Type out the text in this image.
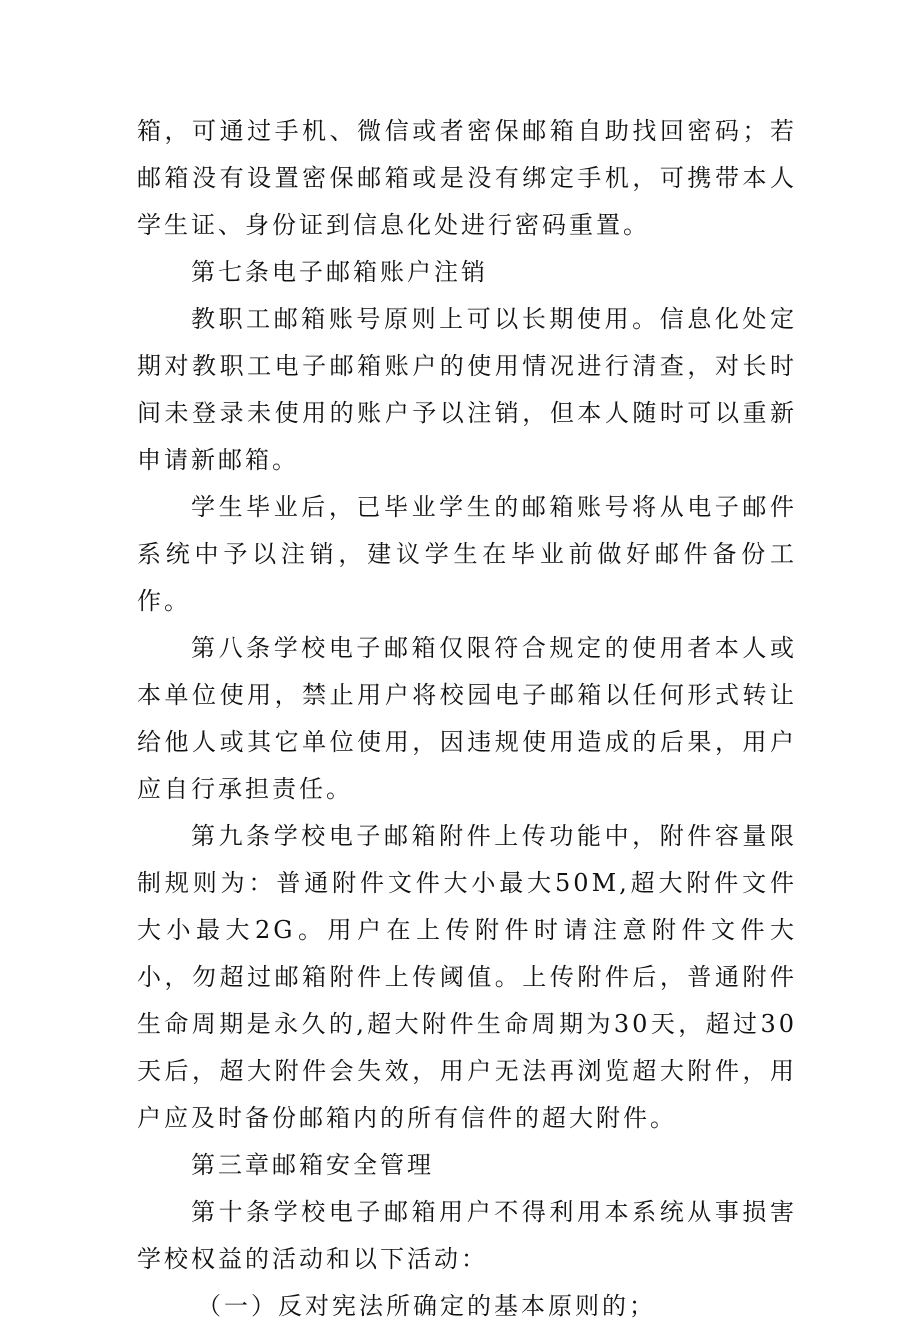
箱，可通过手机、微信或者密保邮箱自助找回密码；若邮箱没有设置密保邮箱或是没有绑定手机，可携带本人学生证、身份证到信息化处进行密码重置。

第七条电子邮箱账户注销

教职工邮箱账号原则上可以长期使用。信息化处定期对教职工电子邮箱账户的使用情况进行清查，对长时间未登录未使用的账户予以注销，但本人随时可以重新申请新邮箱。

学生毕业后，已毕业学生的邮箱账号将从电子邮件系统中予以注销，建议学生在毕业前做好邮件备份工作。

第八条学校电子邮箱仅限符合规定的使用者本人或本单位使用，禁止用户将校园电子邮箱以任何形式转让给他人或其它单位使用，因违规使用造成的后果，用户应自行承担责任。

第九条学校电子邮箱附件上传功能中，附件容量限制规则为：普通附件文件大小最大50M,超大附件文件大小最大2G。用户在上传附件时请注意附件文件大小，勿超过邮箱附件上传阈值。上传附件后，普通附件生命周期是永久的,超大附件生命周期为30天，超过30天后，超大附件会失效，用户无法再浏览超大附件，用户应及时备份邮箱内的所有信件的超大附件。

第三章邮箱安全管理

第十条学校电子邮箱用户不得利用本系统从事损害学校权益的活动和以下活动：

（一）反对宪法所确定的基本原则的；
